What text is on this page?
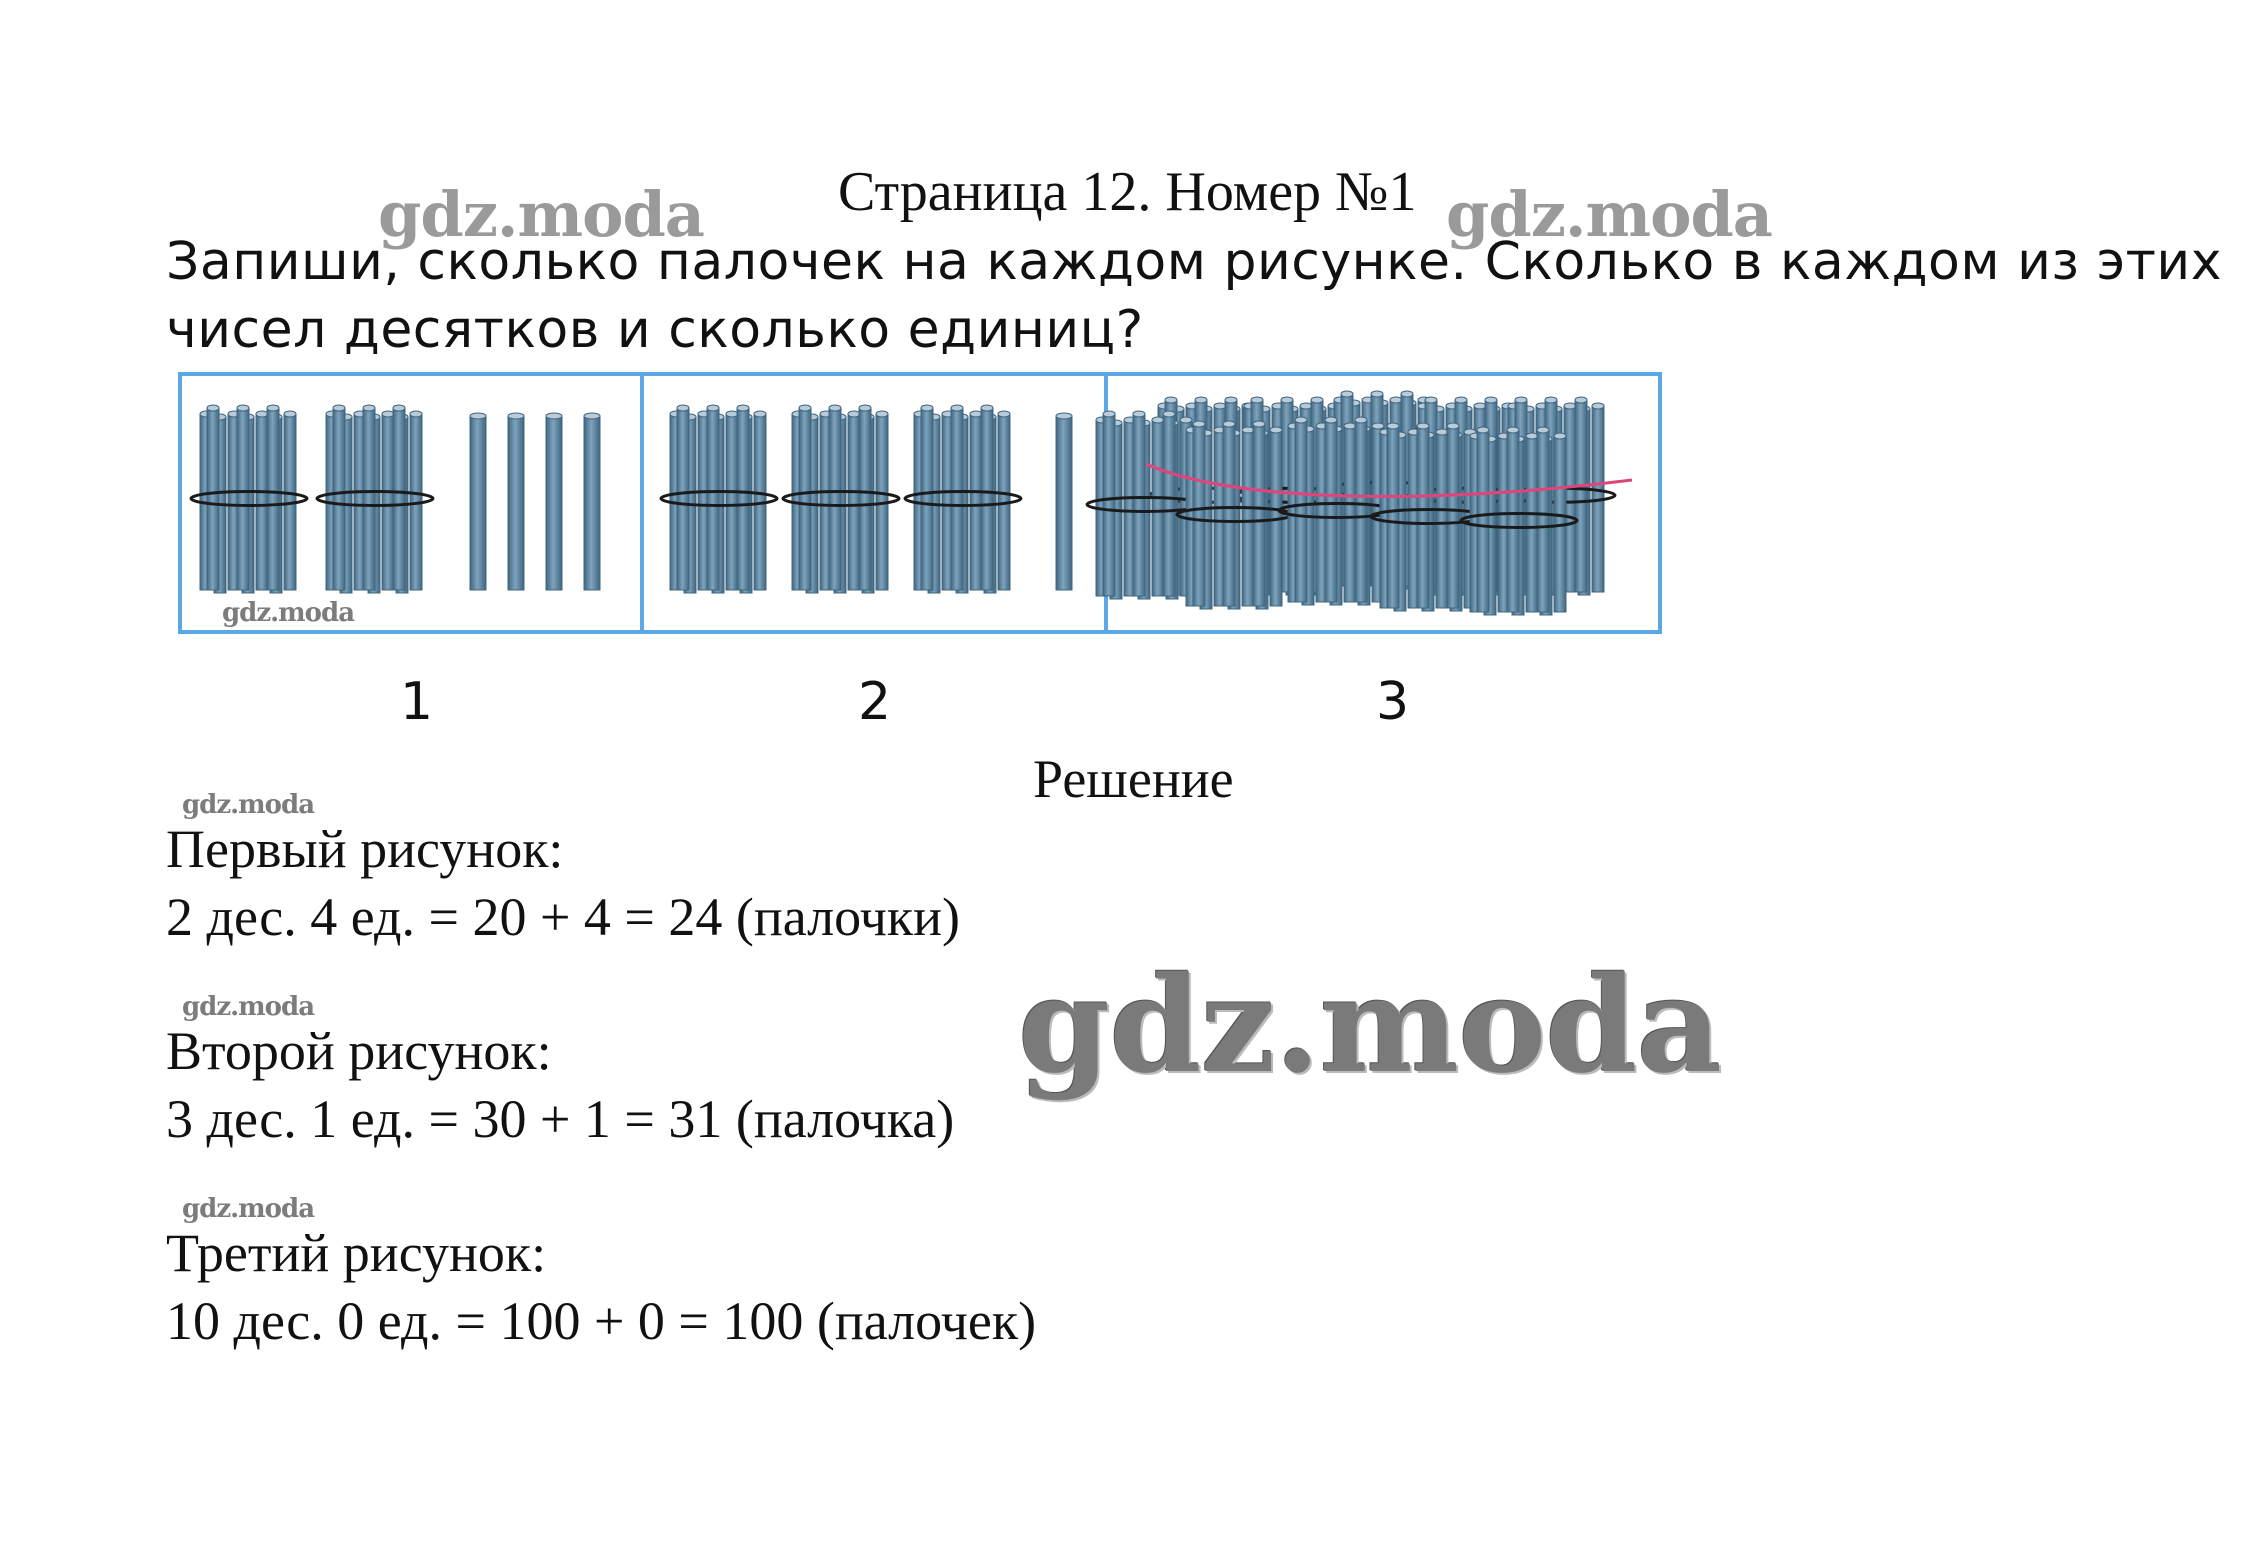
gdz.moda	gdz.moda
Страница 12. Номер №1
Запиши, сколько палочек на каждом рисунке. Сколько в каждом из этих
чисел десятков и сколько единиц?
gdz.moda
1	2	3
Решение
gdz.moda
Первый рисунок:
2 дес. 4 ед. = 20 + 4 = 24 (палочки)
gdz.moda
gdz.moda
Второй рисунок:
3 дес. 1 ед. = 30 + 1 = 31 (палочка)
gdz.moda
Третий рисунок:
10 дес. 0 ед. = 100 + 0 = 100 (палочек)
